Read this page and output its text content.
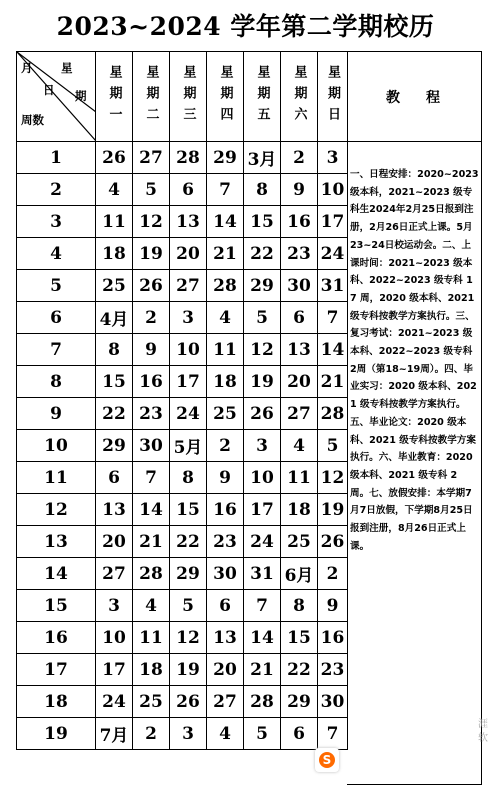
2023~2024 学年第二学期校历
月 星
日 期
周数	星期一	星期二	星期三	星期四	星期五	星期六	星期日

1	26	27	28	29	3月	2	3
2	4	5	6	7	8	9	10
3	11	12	13	14	15	16	17
4	18	19	20	21	22	23	24
5	25	26	27	28	29	30	31
6	4月	2	3	4	5	6	7
7	8	9	10	11	12	13	14
8	15	16	17	18	19	20	21
9	22	23	24	25	26	27	28
10	29	30	5月	2	3	4	5
11	6	7	8	9	10	11	12
12	13	14	15	16	17	18	19
13	20	21	22	23	24	25	26
14	27	28	29	30	31	6月	2
15	3	4	5	6	7	8	9
16	10	11	12	13	14	15	16
17	17	18	19	20	21	22	23
18	24	25	26	27	28	29	30
19	7月	2	3	4	5	6	7
教程

一、日程安排：2020~2023 级本科，2021~2023 级专科生2024年2月25日报到注册，2月26日正式上课。5月23~24日校运动会。二、上课时间：2021~2023 级本科、2022~2023 级专科 17 周，2020 级本科、2021 级专科按教学方案执行。三、复习考试：2021~2023 级本科、2022~2023 级专科2周（第18~19周）。四、毕业实习：2020 级本科、2021 级专科按教学方案执行。五、毕业论文：2020 级本科、2021 级专科按教学方案执行。六、毕业教育：2020 级本科、2021 级专科 2 周。七、放假安排：本学期7月7日放假，下学期8月25日报到注册，8月26日正式上课。

S
涯软
